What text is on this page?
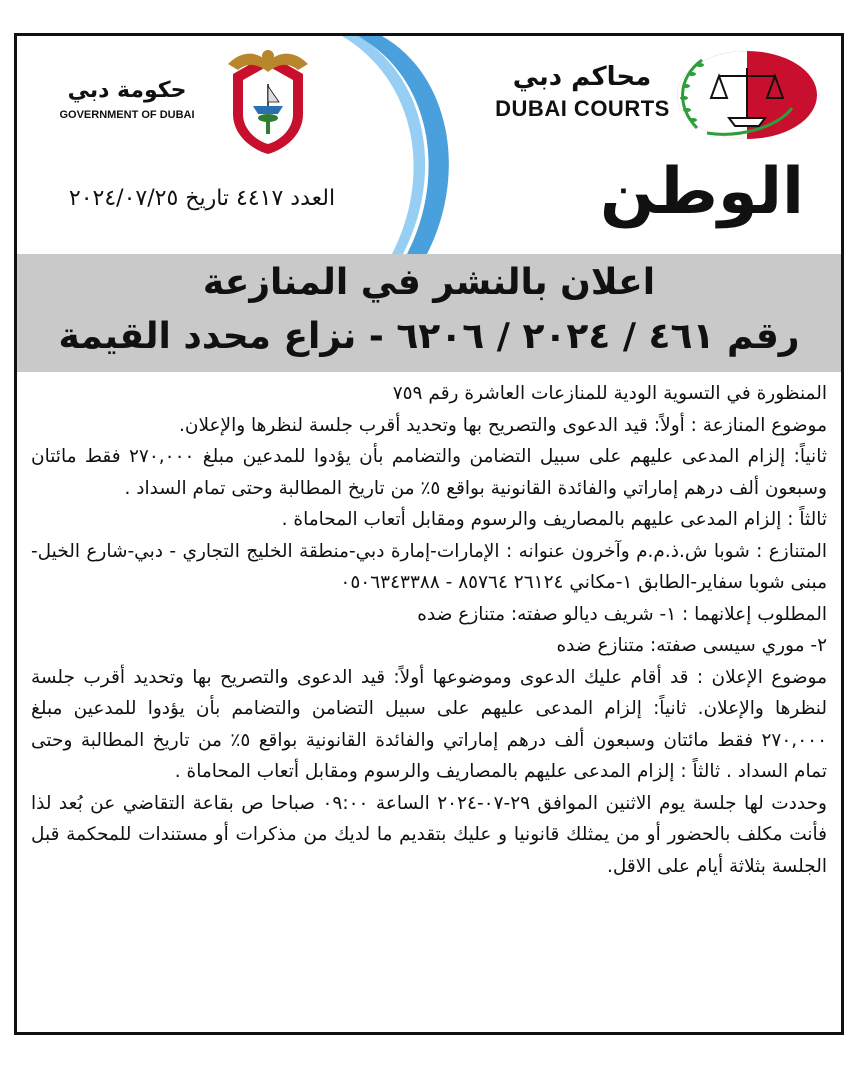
محاكم دبي
DUBAI COURTS
حكومة دبي
GOVERNMENT OF DUBAI
الوطن
العدد ٤٤١٧ تاريخ ٢٠٢٤/٠٧/٢٥
اعلان بالنشر في المنازعة
رقم ٤٦١ / ٢٠٢٤ / ٦٢٠٦ - نزاع محدد القيمة

المنظورة في التسوية الودية للمنازعات العاشرة رقم ٧٥٩

موضوع المنازعة : أولاً: قيد الدعوى والتصريح بها وتحديد أقرب جلسة لنظرها والإعلان.

ثانياً: إلزام المدعى عليهم على سبيل التضامن والتضامم بأن يؤدوا للمدعين مبلغ ٢٧٠,٠٠٠ فقط مائتان وسبعون ألف درهم إماراتي والفائدة القانونية بواقع ٥٪ من تاريخ المطالبة وحتى تمام السداد .

ثالثاً : إلزام المدعى عليهم بالمصاريف والرسوم ومقابل أتعاب المحاماة .

المتنازع : شوبا ش.ذ.م.م وآخرون عنوانه : الإمارات-إمارة دبي-منطقة الخليج التجاري - دبي-شارع الخيل-مبنى شوبا سفاير-الطابق ١-مكاني ٢٦١٢٤ ٨٥٧٦٤ - ٠٥٠٦٣٤٣٣٨٨

المطلوب إعلانهما : ١- شريف ديالو صفته: متنازع ضده

٢- موري سيسى صفته: متنازع ضده

موضوع الإعلان : قد أقام عليك الدعوى وموضوعها أولاً: قيد الدعوى والتصريح بها وتحديد أقرب جلسة لنظرها والإعلان. ثانياً: إلزام المدعى عليهم على سبيل التضامن والتضامم بأن يؤدوا للمدعين مبلغ ٢٧٠,٠٠٠ فقط مائتان وسبعون ألف درهم إماراتي والفائدة القانونية بواقع ٥٪ من تاريخ المطالبة وحتى تمام السداد . ثالثاً : إلزام المدعى عليهم بالمصاريف والرسوم ومقابل أتعاب المحاماة .

وحددت لها جلسة يوم الاثنين الموافق ٢٩-٠٧-٢٠٢٤ الساعة ٠٩:٠٠ صباحا ص بقاعة التقاضي عن بُعد لذا فأنت مكلف بالحضور أو من يمثلك قانونيا و عليك بتقديم ما لديك من مذكرات أو مستندات للمحكمة قبل الجلسة بثلاثة أيام على الاقل.
